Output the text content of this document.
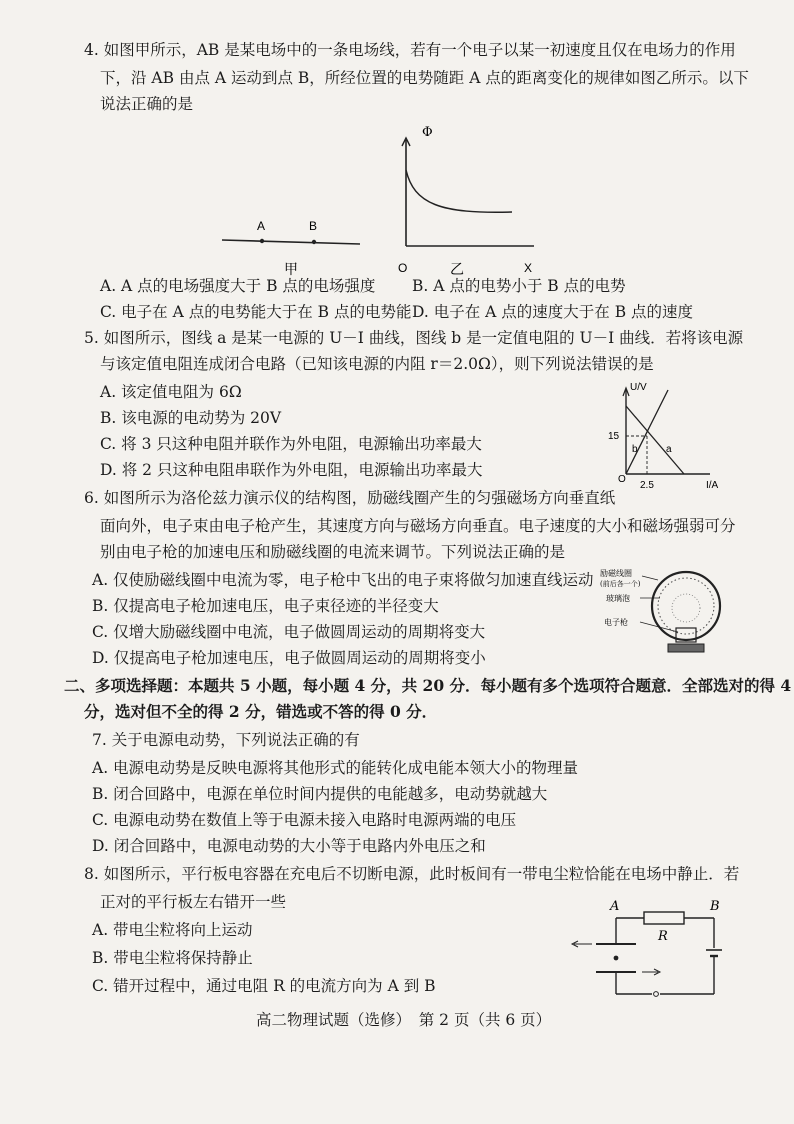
4. 如图甲所示，AB 是某电场中的一条电场线，若有一个电子以某一初速度且仅在电场力的作用
下，沿 AB 由点 A 运动到点 B，所经位置的电势随距 A 点的距离变化的规律如图乙所示。以下
说法正确的是
A	B
甲
Φ
O	乙	X
A. A 点的电场强度大于 B 点的电场强度 B. A 点的电势小于 B 点的电势
C. 电子在 A 点的电势能大于在 B 点的电势能 D. 电子在 A 点的速度大于在 B 点的速度
5. 如图所示，图线 a 是某一电源的 U－I 曲线，图线 b 是一定值电阻的 U－I 曲线．若将该电源
与该定值电阻连成闭合电路（已知该电源的内阻 r＝2.0Ω），则下列说法错误的是
A. 该定值电阻为 6Ω
B. 该电源的电动势为 20V
C. 将 3 只这种电阻并联作为外电阻，电源输出功率最大
D. 将 2 只这种电阻串联作为外电阻，电源输出功率最大
U/V
I/A
15
2.5
O
a
b
6. 如图所示为洛伦兹力演示仪的结构图，励磁线圈产生的匀强磁场方向垂直纸
面向外，电子束由电子枪产生，其速度方向与磁场方向垂直。电子速度的大小和磁场强弱可分
别由电子枪的加速电压和励磁线圈的电流来调节。下列说法正确的是
A. 仅使励磁线圈中电流为零，电子枪中飞出的电子束将做匀加速直线运动
B. 仅提高电子枪加速电压，电子束径迹的半径变大
C. 仅增大励磁线圈中电流，电子做圆周运动的周期将变大
D. 仅提高电子枪加速电压，电子做圆周运动的周期将变小
励磁线圈
(前后各一个)
玻璃泡
电子枪
二、多项选择题：本题共 5 小题，每小题 4 分，共 20 分．每小题有多个选项符合题意．全部选对的得 4
分，选对但不全的得 2 分，错选或不答的得 0 分．
7. 关于电源电动势，下列说法正确的有
A. 电源电动势是反映电源将其他形式的能转化成电能本领大小的物理量
B. 闭合回路中，电源在单位时间内提供的电能越多，电动势就越大
C. 电源电动势在数值上等于电源未接入电路时电源两端的电压
D. 闭合回路中，电源电动势的大小等于电路内外电压之和
8. 如图所示，平行板电容器在充电后不切断电源，此时板间有一带电尘粒恰能在电场中静止．若
正对的平行板左右错开一些
A. 带电尘粒将向上运动
B. 带电尘粒将保持静止
C. 错开过程中，通过电阻 R 的电流方向为 A 到 B
A	B
R
高二物理试题（选修）　第 2 页（共 6 页）
